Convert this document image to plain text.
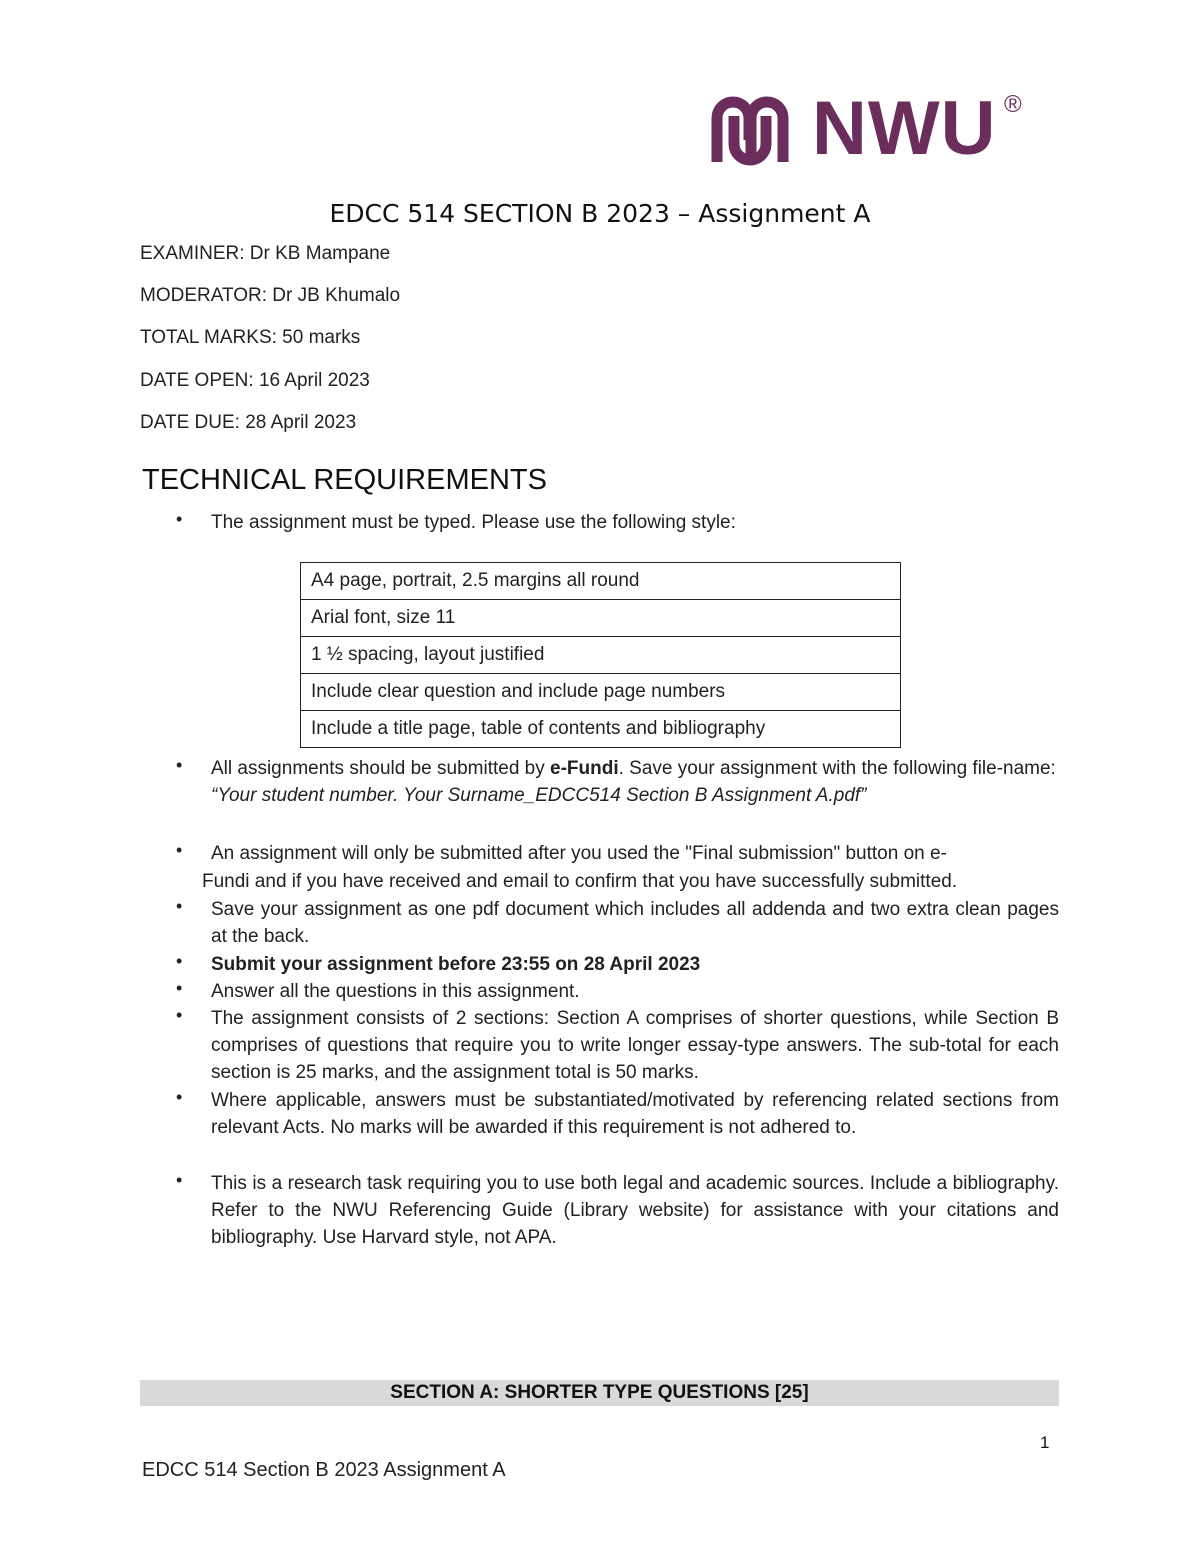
NWU ®
EDCC 514 SECTION B 2023 – Assignment A
EXAMINER: Dr KB Mampane
MODERATOR: Dr JB Khumalo
TOTAL MARKS: 50 marks
DATE OPEN: 16 April 2023
DATE DUE: 28 April 2023
TECHNICAL REQUIREMENTS
• The assignment must be typed. Please use the following style:
• All assignments should be submitted by e-Fundi. Save your assignment with the following file-name:
“Your student number. Your Surname_EDCC514 Section B Assignment A.pdf”
• An assignment will only be submitted after you used the "Final submission" button on e-
Fundi and if you have received and email to confirm that you have successfully submitted.
• Save your assignment as one pdf document which includes all addenda and two extra clean pages at the back.
• Submit your assignment before 23:55 on 28 April 2023
• Answer all the questions in this assignment.
• The assignment consists of 2 sections: Section A comprises of shorter questions, while Section B comprises of questions that require you to write longer essay-type answers. The sub-total for each section is 25 marks, and the assignment total is 50 marks.
• Where applicable, answers must be substantiated/motivated by referencing related sections from relevant Acts. No marks will be awarded if this requirement is not adhered to.
• This is a research task requiring you to use both legal and academic sources. Include a bibliography. Refer to the NWU Referencing Guide (Library website) for assistance with your citations and bibliography. Use Harvard style, not APA.
A4 page, portrait, 2.5 margins all round
Arial font, size 11
1 ½ spacing, layout justified
Include clear question and include page numbers
Include a title page, table of contents and bibliography
SECTION A: SHORTER TYPE QUESTIONS [25]
1
EDCC 514 Section B 2023 Assignment A
